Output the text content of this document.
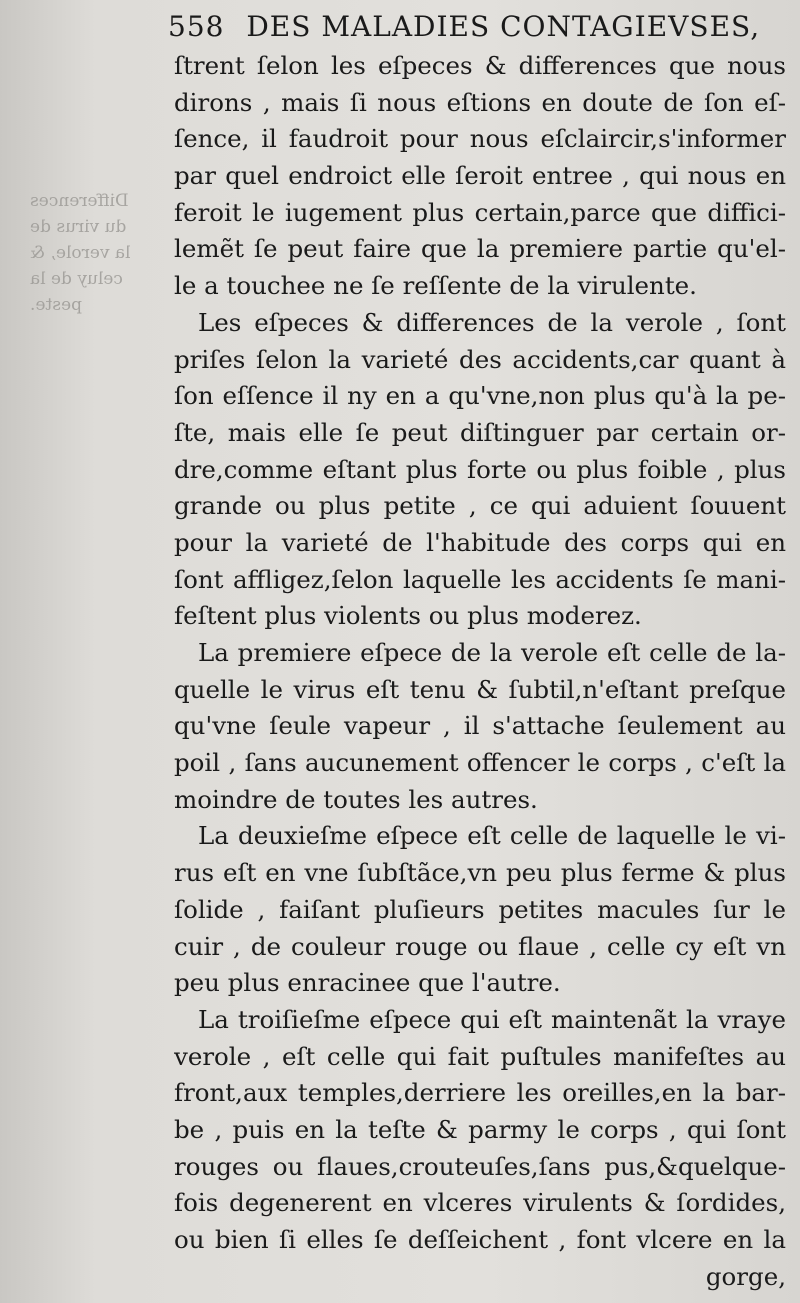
558 DES MALADIES CONTAGIEVSES,
Differences
du virus de
la verole, &
celuy de la
peste.
ſtrent ſelon les eſpeces & differences que nous
dirons , mais ſi nous eſtions en doute de ſon eſ-
ſence, il faudroit pour nous eſclaircir,s'informer
par quel endroict elle ſeroit entree , qui nous en
feroit le iugement plus certain,parce que diffici-
lemẽt ſe peut faire que la premiere partie qu'el-
le a touchee ne ſe reſſente de la virulente.
Les eſpeces & differences de la verole , ſont
priſes ſelon la varieté des accidents,car quant à
ſon eſſence il ny en a qu'vne,non plus qu'à la pe-
ſte, mais elle ſe peut diſtinguer par certain or-
dre,comme eſtant plus forte ou plus foible , plus
grande ou plus petite , ce qui aduient ſouuent
pour la varieté de l'habitude des corps qui en
ſont affligez,ſelon laquelle les accidents ſe mani-
feſtent plus violents ou plus moderez.
La premiere eſpece de la verole eſt celle de la-
quelle le virus eſt tenu & ſubtil,n'eſtant preſque
qu'vne ſeule vapeur , il s'attache ſeulement au
poil , ſans aucunement offencer le corps , c'eſt la
moindre de toutes les autres.
La deuxieſme eſpece eſt celle de laquelle le vi-
rus eſt en vne ſubſtãce,vn peu plus ferme & plus
ſolide , faiſant pluſieurs petites macules ſur le
cuir , de couleur rouge ou flaue , celle cy eſt vn
peu plus enracinee que l'autre.
La troiſieſme eſpece qui eſt maintenãt la vraye
verole , eſt celle qui fait puſtules manifeſtes au
front,aux temples,derriere les oreilles,en la bar-
be , puis en la teſte & parmy le corps , qui ſont
rouges ou flaues,crouteuſes,ſans pus,&quelque-
fois degenerent en vlceres virulents & ſordides,
ou bien ſi elles ſe deſſeichent , font vlcere en la
gorge,
